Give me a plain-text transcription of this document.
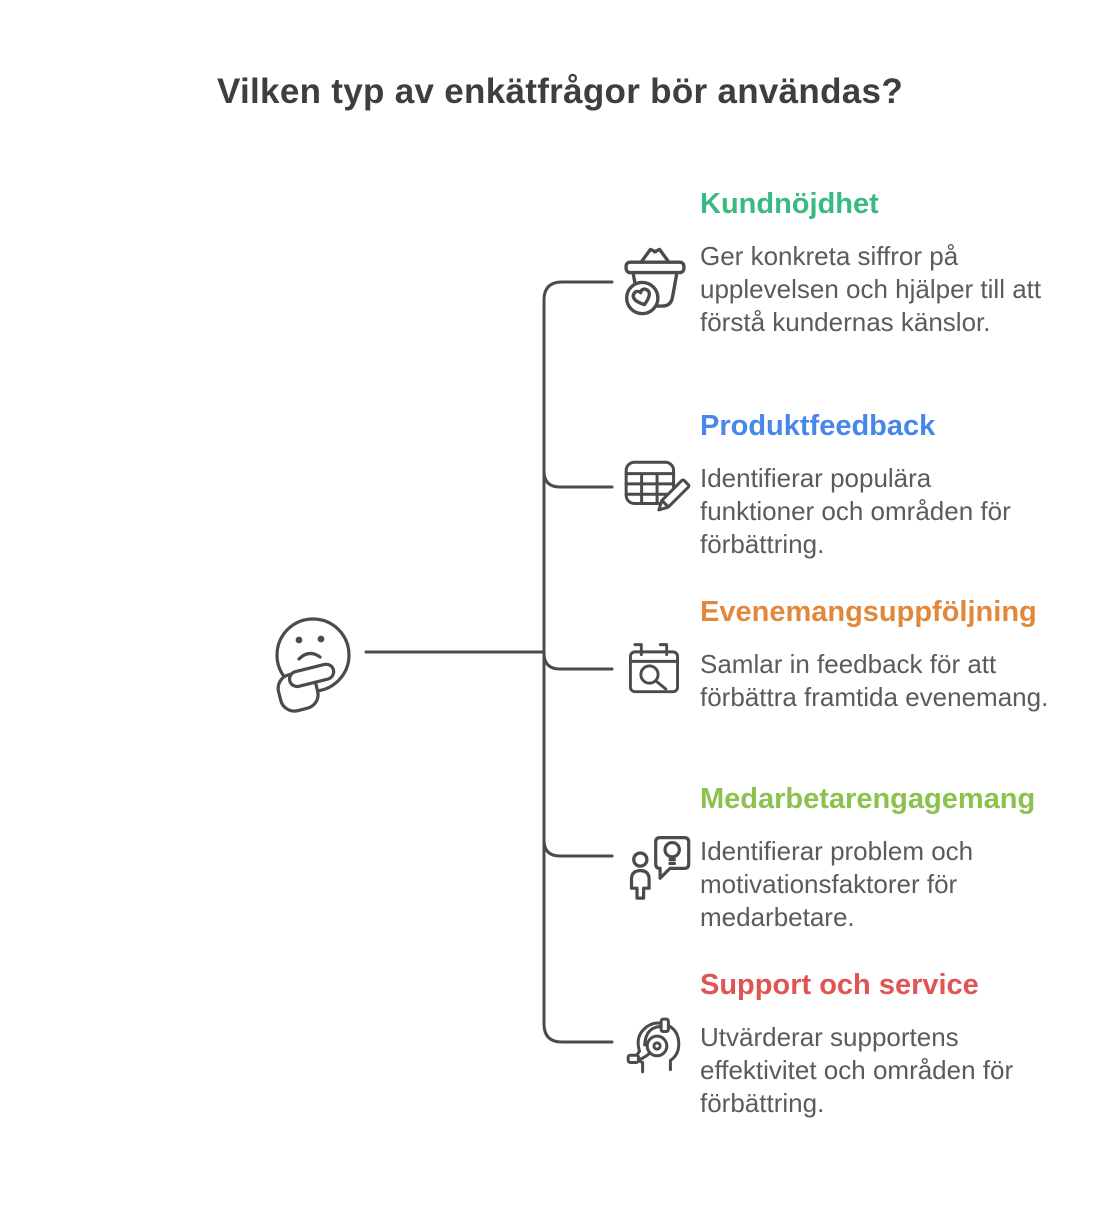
Vilken typ av enkätfrågor bör användas?
Kundnöjdhet
Ger konkreta siffror på upplevelsen och hjälper till att förstå kundernas känslor.
Produktfeedback
Identifierar populära funktioner och områden för förbättring.
Evenemangsuppföljning
Samlar in feedback för att förbättra framtida evenemang.
Medarbetarengagemang
Identifierar problem och motivationsfaktorer för medarbetare.
Support och service
Utvärderar supportens effektivitet och områden för förbättring.
